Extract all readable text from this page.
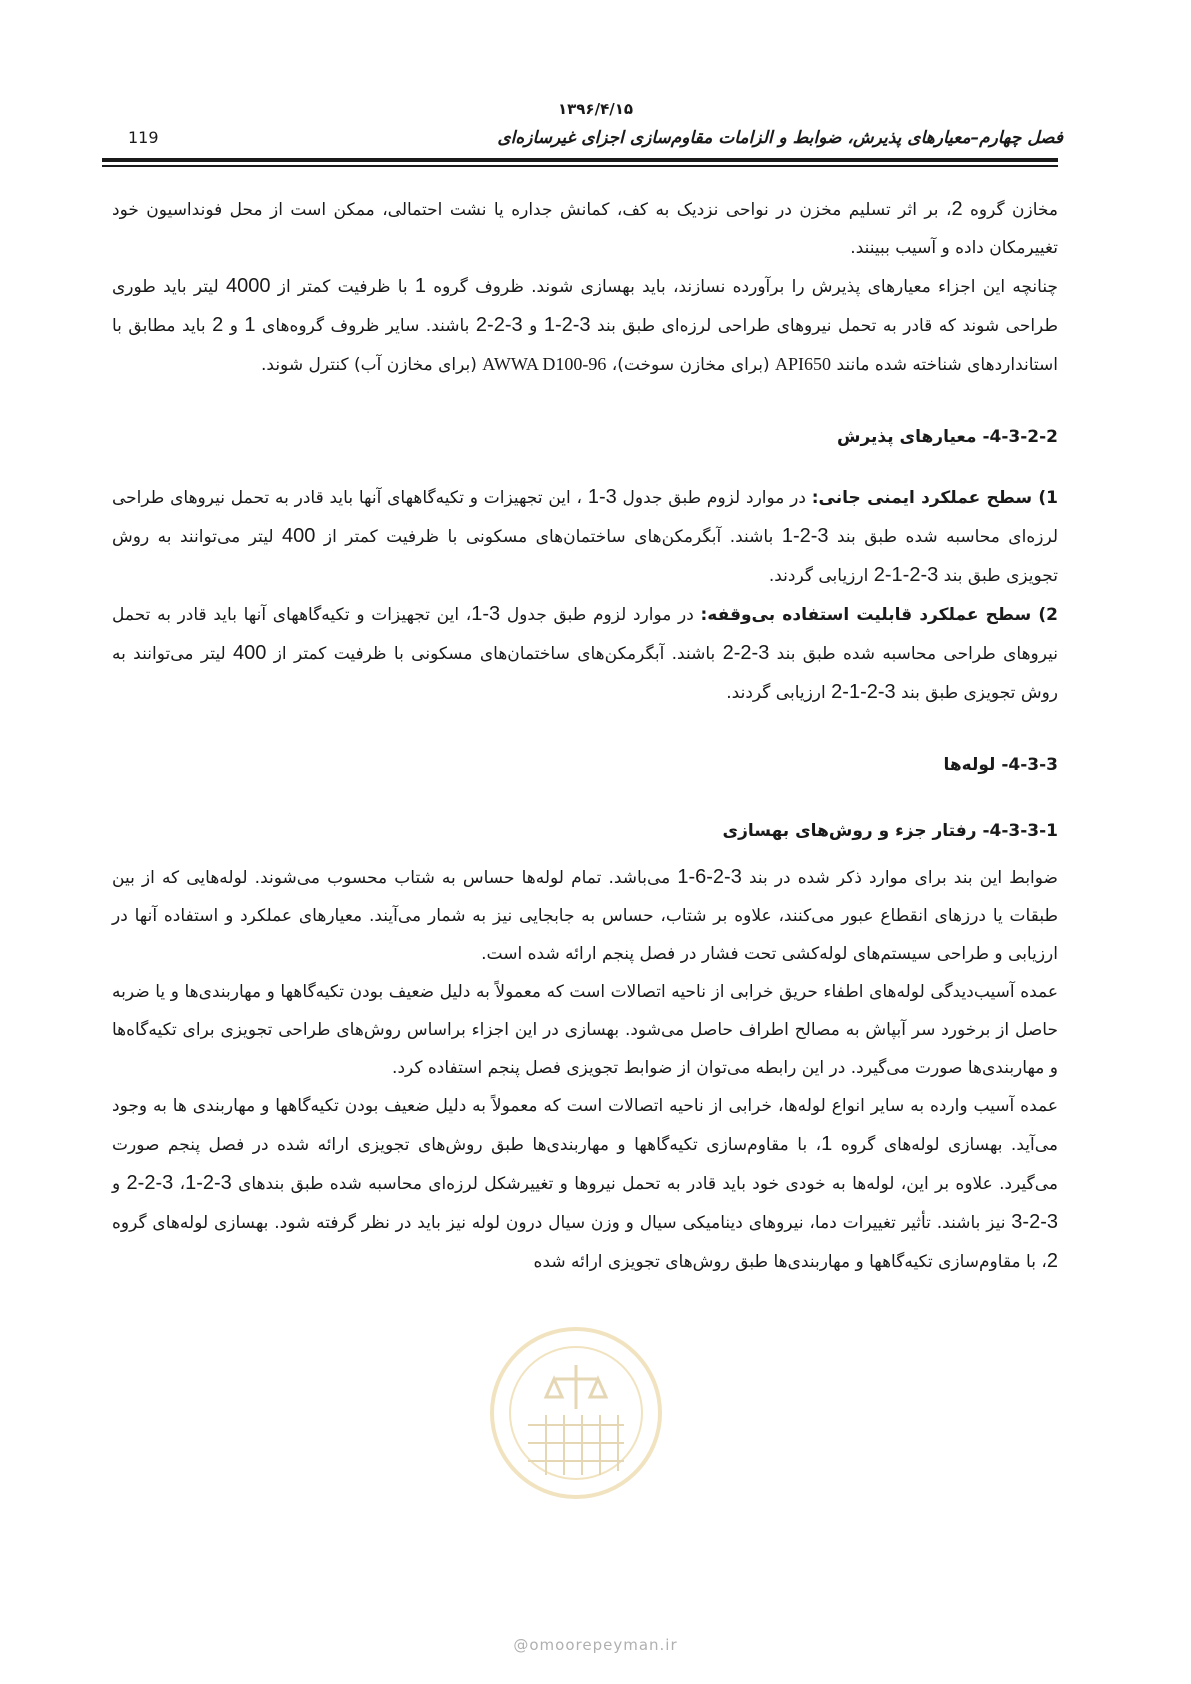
۱۳۹۶/۴/۱۵
119	فصل چهارم–معیارهای پذیرش، ضوابط و الزامات مقاوم‌سازی اجزای غیرسازه‌ای

مخازن گروه 2، بر اثر تسلیم مخزن در نواحی نزدیک به کف، کمانش جداره یا نشت احتمالی، ممکن است از محل فونداسیون خود تغییرمکان داده و آسیب ببینند.

چنانچه این اجزاء معیارهای پذیرش را برآورده نسازند، باید بهسازی شوند. ظروف گروه 1 با ظرفیت کمتر از 4000 لیتر باید طوری طراحی شوند که قادر به تحمل نیروهای طراحی لرزه‌ای طبق بند 3-2-1 و 3-2-2 باشند. سایر ظروف گروه‌های 1 و 2 باید مطابق با استانداردهای شناخته شده مانند API650 (برای مخازن سوخت)، AWWA D100-96 (برای مخازن آب) کنترل شوند.

4-3-2-2- معیارهای پذیرش

1) سطح عملکرد ایمنی جانی: در موارد لزوم طبق جدول 3-1 ، این تجهیزات و تکیه‌گاههای آنها باید قادر به تحمل نیروهای طراحی لرزه‌ای محاسبه شده طبق بند 3-2-1 باشند. آبگرمکن‌های ساختمان‌های مسکونی با ظرفیت کمتر از 400 لیتر می‌توانند به روش تجویزی طبق بند 3-2-1-2 ارزیابی گردند.

2) سطح عملکرد قابلیت استفاده بی‌وقفه: در موارد لزوم طبق جدول 3-1، این تجهیزات و تکیه‌گاههای آنها باید قادر به تحمل نیروهای طراحی محاسبه شده طبق بند 3-2-2 باشند. آبگرمکن‌های ساختمان‌های مسکونی با ظرفیت کمتر از 400 لیتر می‌توانند به روش تجویزی طبق بند 3-2-1-2 ارزیابی گردند.

4-3-3- لوله‌ها
4-3-3-1- رفتار جزء و روش‌های بهسازی

ضوابط این بند برای موارد ذکر شده در بند 3-2-6-1 می‌باشد. تمام لوله‌ها حساس به شتاب محسوب می‌شوند. لوله‌هایی که از بین طبقات یا درزهای انقطاع عبور می‌کنند، علاوه بر شتاب، حساس به جابجایی نیز به شمار می‌آیند. معیارهای عملکرد و استفاده آنها در ارزیابی و طراحی سیستم‌های لوله‌کشی تحت فشار در فصل پنجم ارائه شده است.

عمده آسیب‌دیدگی لوله‌های اطفاء حریق خرابی از ناحیه اتصالات است که معمولاً به دلیل ضعیف بودن تکیه‌گاهها و مهاربندی‌ها و یا ضربه حاصل از برخورد سر آبپاش به مصالح اطراف حاصل می‌شود. بهسازی در این اجزاء براساس روش‌های طراحی تجویزی برای تکیه‌گاه‌ها و مهاربندی‌ها صورت می‌گیرد. در این رابطه می‌توان از ضوابط تجویزی فصل پنجم استفاده کرد.

عمده آسیب وارده به سایر انواع لوله‌ها، خرابی از ناحیه اتصالات است که معمولاً به دلیل ضعیف بودن تکیه‌گاهها و مهاربندی ها به وجود می‌آید. بهسازی لوله‌های گروه 1، با مقاوم‌سازی تکیه‌گاهها و مهاربندی‌ها طبق روش‌های تجویزی ارائه شده در فصل پنجم صورت می‌گیرد. علاوه بر این، لوله‌ها به خودی خود باید قادر به تحمل نیروها و تغییرشکل لرزه‌ای محاسبه شده طبق بندهای 3-2-1، 3-2-2 و 3-2-3 نیز باشند. تأثیر تغییرات دما، نیروهای دینامیکی سیال و وزن سیال درون لوله نیز باید در نظر گرفته شود. بهسازی لوله‌های گروه 2، با مقاوم‌سازی تکیه‌گاهها و مهاربندی‌ها طبق روش‌های تجویزی ارائه شده

@omoorepeyman.ir
